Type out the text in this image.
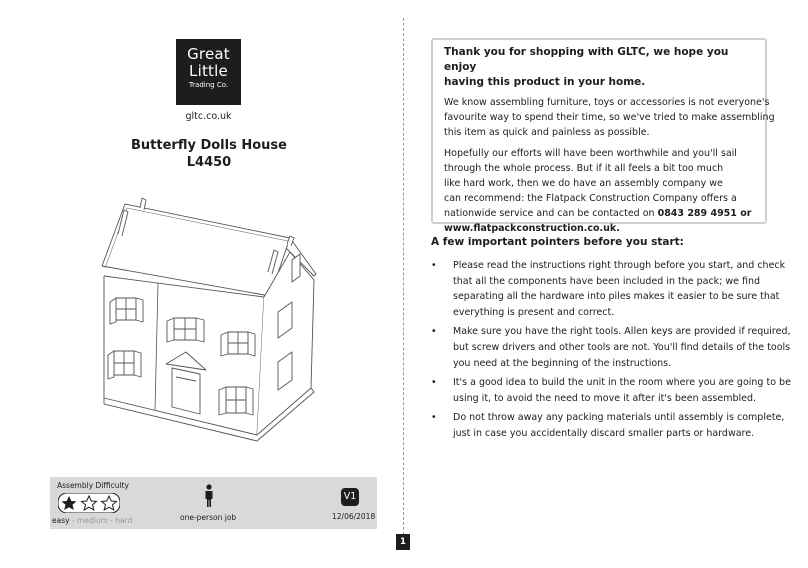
Great
Little
Trading Co.
gltc.co.uk
Butterfly Dolls House
L4450
Assembly Difficulty
easy - medium - hard	one-person job
V1
12/06/2018
1
Thank you for shopping with GLTC, we hope you enjoy
having this product in your home.
We know assembling furniture, toys or accessories is not everyone's
favourite way to spend their time, so we've tried to make assembling
this item as quick and painless as possible.
Hopefully our efforts will have been worthwhile and you'll sail
through the whole process. But if it all feels a bit too much
like hard work, then we do have an assembly company we
can recommend: the Flatpack Construction Company offers a
nationwide service and can be contacted on 0843 289 4951 or
www.flatpackconstruction.co.uk.
A few important pointers before you start:
• Please read the instructions right through before you start, and check
that all the components have been included in the pack; we find
separating all the hardware into piles makes it easier to be sure that
everything is present and correct.
• Make sure you have the right tools. Allen keys are provided if required,
but screw drivers and other tools are not. You'll find details of the tools
you need at the beginning of the instructions.
• It's a good idea to build the unit in the room where you are going to be
using it, to avoid the need to move it after it's been assembled.
• Do not throw away any packing materials until assembly is complete,
just in case you accidentally discard smaller parts or hardware.
